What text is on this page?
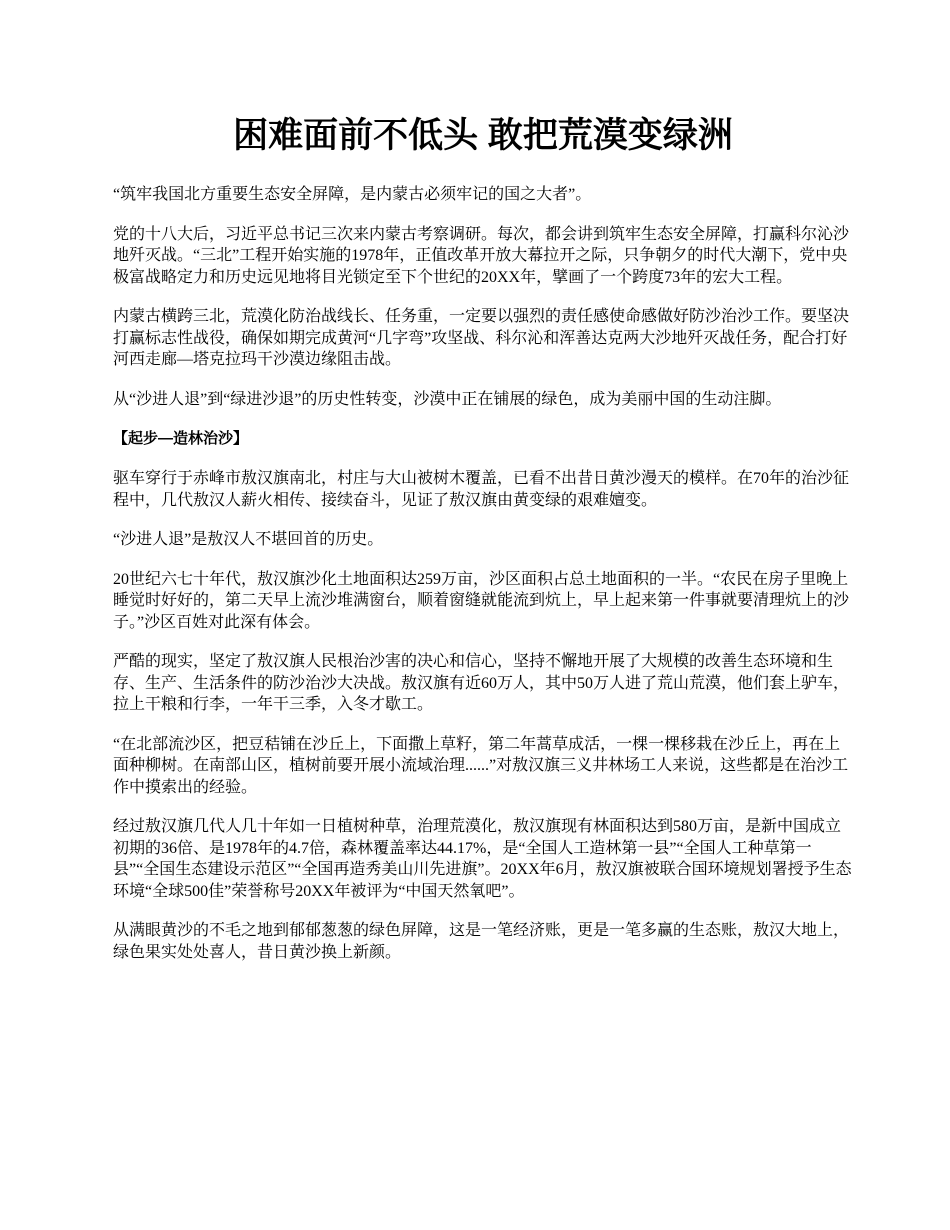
困难面前不低头 敢把荒漠变绿洲

“筑牢我国北方重要生态安全屏障，是内蒙古必须牢记的国之大者”。

党的十八大后，习近平总书记三次来内蒙古考察调研。每次，都会讲到筑牢生态安全屏障，打赢科尔沁沙地歼灭战。“三北”工程开始实施的1978年，正值改革开放大幕拉开之际，只争朝夕的时代大潮下，党中央极富战略定力和历史远见地将目光锁定至下个世纪的20XX年，擘画了一个跨度73年的宏大工程。

内蒙古横跨三北，荒漠化防治战线长、任务重，一定要以强烈的责任感使命感做好防沙治沙工作。要坚决打赢标志性战役，确保如期完成黄河“几字弯”攻坚战、科尔沁和浑善达克两大沙地歼灭战任务，配合打好河西走廊—塔克拉玛干沙漠边缘阻击战。

从“沙进人退”到“绿进沙退”的历史性转变，沙漠中正在铺展的绿色，成为美丽中国的生动注脚。

【起步—造林治沙】

驱车穿行于赤峰市敖汉旗南北，村庄与大山被树木覆盖，已看不出昔日黄沙漫天的模样。在70年的治沙征程中，几代敖汉人薪火相传、接续奋斗，见证了敖汉旗由黄变绿的艰难嬗变。

“沙进人退”是敖汉人不堪回首的历史。

20世纪六七十年代，敖汉旗沙化土地面积达259万亩，沙区面积占总土地面积的一半。“农民在房子里晚上睡觉时好好的，第二天早上流沙堆满窗台，顺着窗缝就能流到炕上，早上起来第一件事就要清理炕上的沙子。”沙区百姓对此深有体会。

严酷的现实，坚定了敖汉旗人民根治沙害的决心和信心，坚持不懈地开展了大规模的改善生态环境和生存、生产、生活条件的防沙治沙大决战。敖汉旗有近60万人，其中50万人进了荒山荒漠，他们套上驴车，拉上干粮和行李，一年干三季，入冬才歇工。

“在北部流沙区，把豆秸铺在沙丘上，下面撒上草籽，第二年蒿草成活，一棵一棵移栽在沙丘上，再在上面种柳树。在南部山区，植树前要开展小流域治理......”对敖汉旗三义井林场工人来说，这些都是在治沙工作中摸索出的经验。

经过敖汉旗几代人几十年如一日植树种草，治理荒漠化，敖汉旗现有林面积达到580万亩，是新中国成立初期的36倍、是1978年的4.7倍，森林覆盖率达44.17%，是“全国人工造林第一县”“全国人工种草第一县”“全国生态建设示范区”“全国再造秀美山川先进旗”。20XX年6月，敖汉旗被联合国环境规划署授予生态环境“全球500佳”荣誉称号20XX年被评为“中国天然氧吧”。

从满眼黄沙的不毛之地到郁郁葱葱的绿色屏障，这是一笔经济账，更是一笔多赢的生态账，敖汉大地上，绿色果实处处喜人，昔日黄沙换上新颜。
